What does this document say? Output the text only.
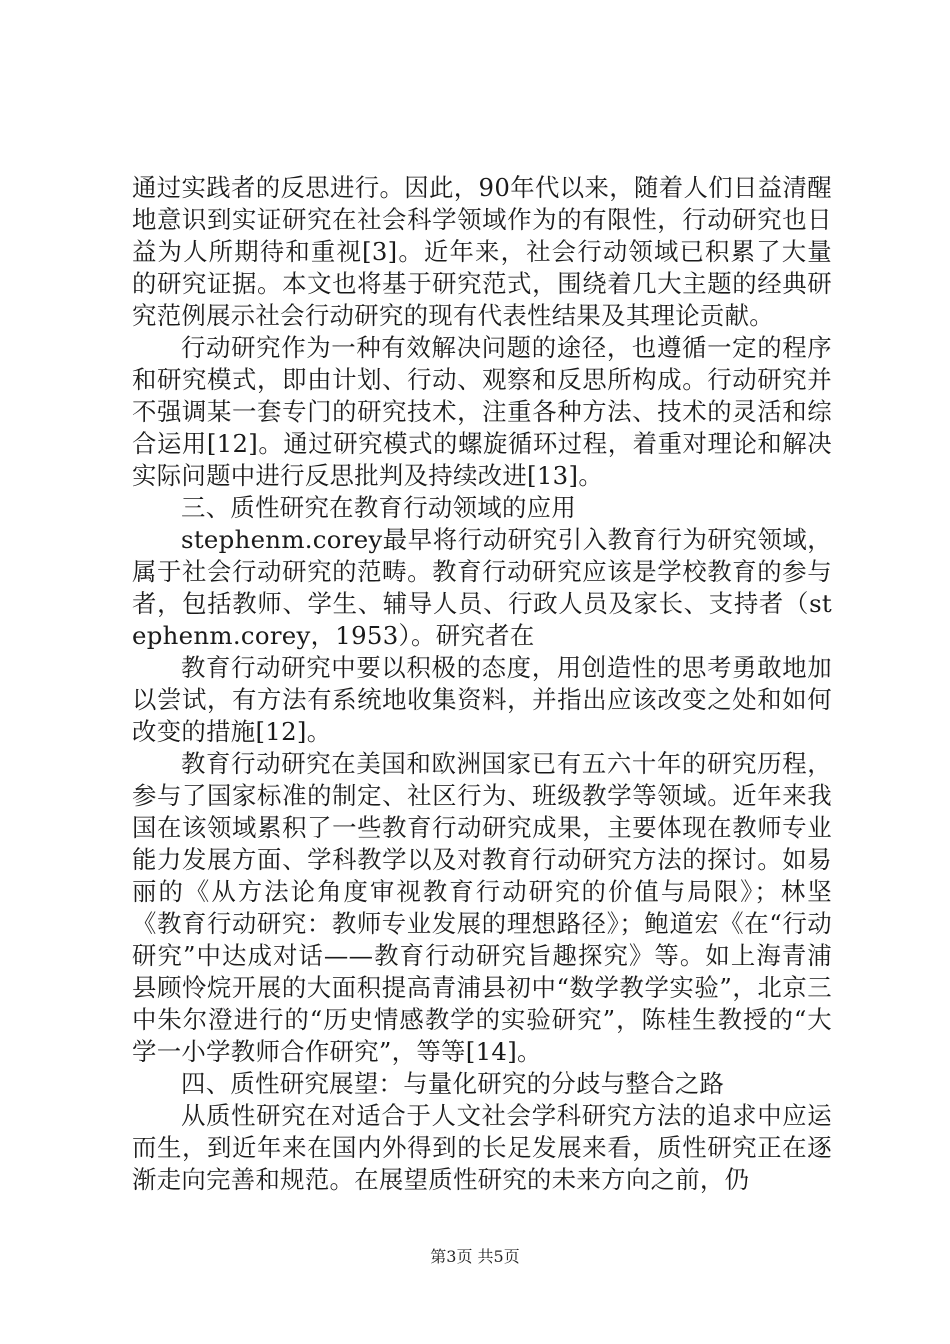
通过实践者的反思进行。因此，90年代以来，随着人们日益清醒地意识到实证研究在社会科学领域作为的有限性，行动研究也日益为人所期待和重视[3]。近年来，社会行动领域已积累了大量的研究证据。本文也将基于研究范式，围绕着几大主题的经典研究范例展示社会行动研究的现有代表性结果及其理论贡献。

行动研究作为一种有效解决问题的途径，也遵循一定的程序和研究模式，即由计划、行动、观察和反思所构成。行动研究并不强调某一套专门的研究技术，注重各种方法、技术的灵活和综合运用[12]。通过研究模式的螺旋循环过程，着重对理论和解决实际问题中进行反思批判及持续改进[13]。

三、质性研究在教育行动领域的应用

stephenm.corey最早将行动研究引入教育行为研究领域，属于社会行动研究的范畴。教育行动研究应该是学校教育的参与者，包括教师、学生、辅导人员、行政人员及家长、支持者（stephenm.corey，1953）。研究者在

教育行动研究中要以积极的态度，用创造性的思考勇敢地加以尝试，有方法有系统地收集资料，并指出应该改变之处和如何改变的措施[12]。

教育行动研究在美国和欧洲国家已有五六十年的研究历程，参与了国家标准的制定、社区行为、班级教学等领域。近年来我国在该领域累积了一些教育行动研究成果，主要体现在教师专业能力发展方面、学科教学以及对教育行动研究方法的探讨。如易丽的《从方法论角度审视教育行动研究的价值与局限》；林坚《教育行动研究：教师专业发展的理想路径》；鲍道宏《在“行动研究”中达成对话——教育行动研究旨趣探究》等。如上海青浦县顾怜烷开展的大面积提高青浦县初中“数学教学实验”，北京三中朱尔澄进行的“历史情感教学的实验研究”，陈桂生教授的“大学一小学教师合作研究”，等等[14]。

四、质性研究展望：与量化研究的分歧与整合之路

从质性研究在对适合于人文社会学科研究方法的追求中应运而生，到近年来在国内外得到的长足发展来看，质性研究正在逐渐走向完善和规范。在展望质性研究的未来方向之前，仍

第3页 共5页
